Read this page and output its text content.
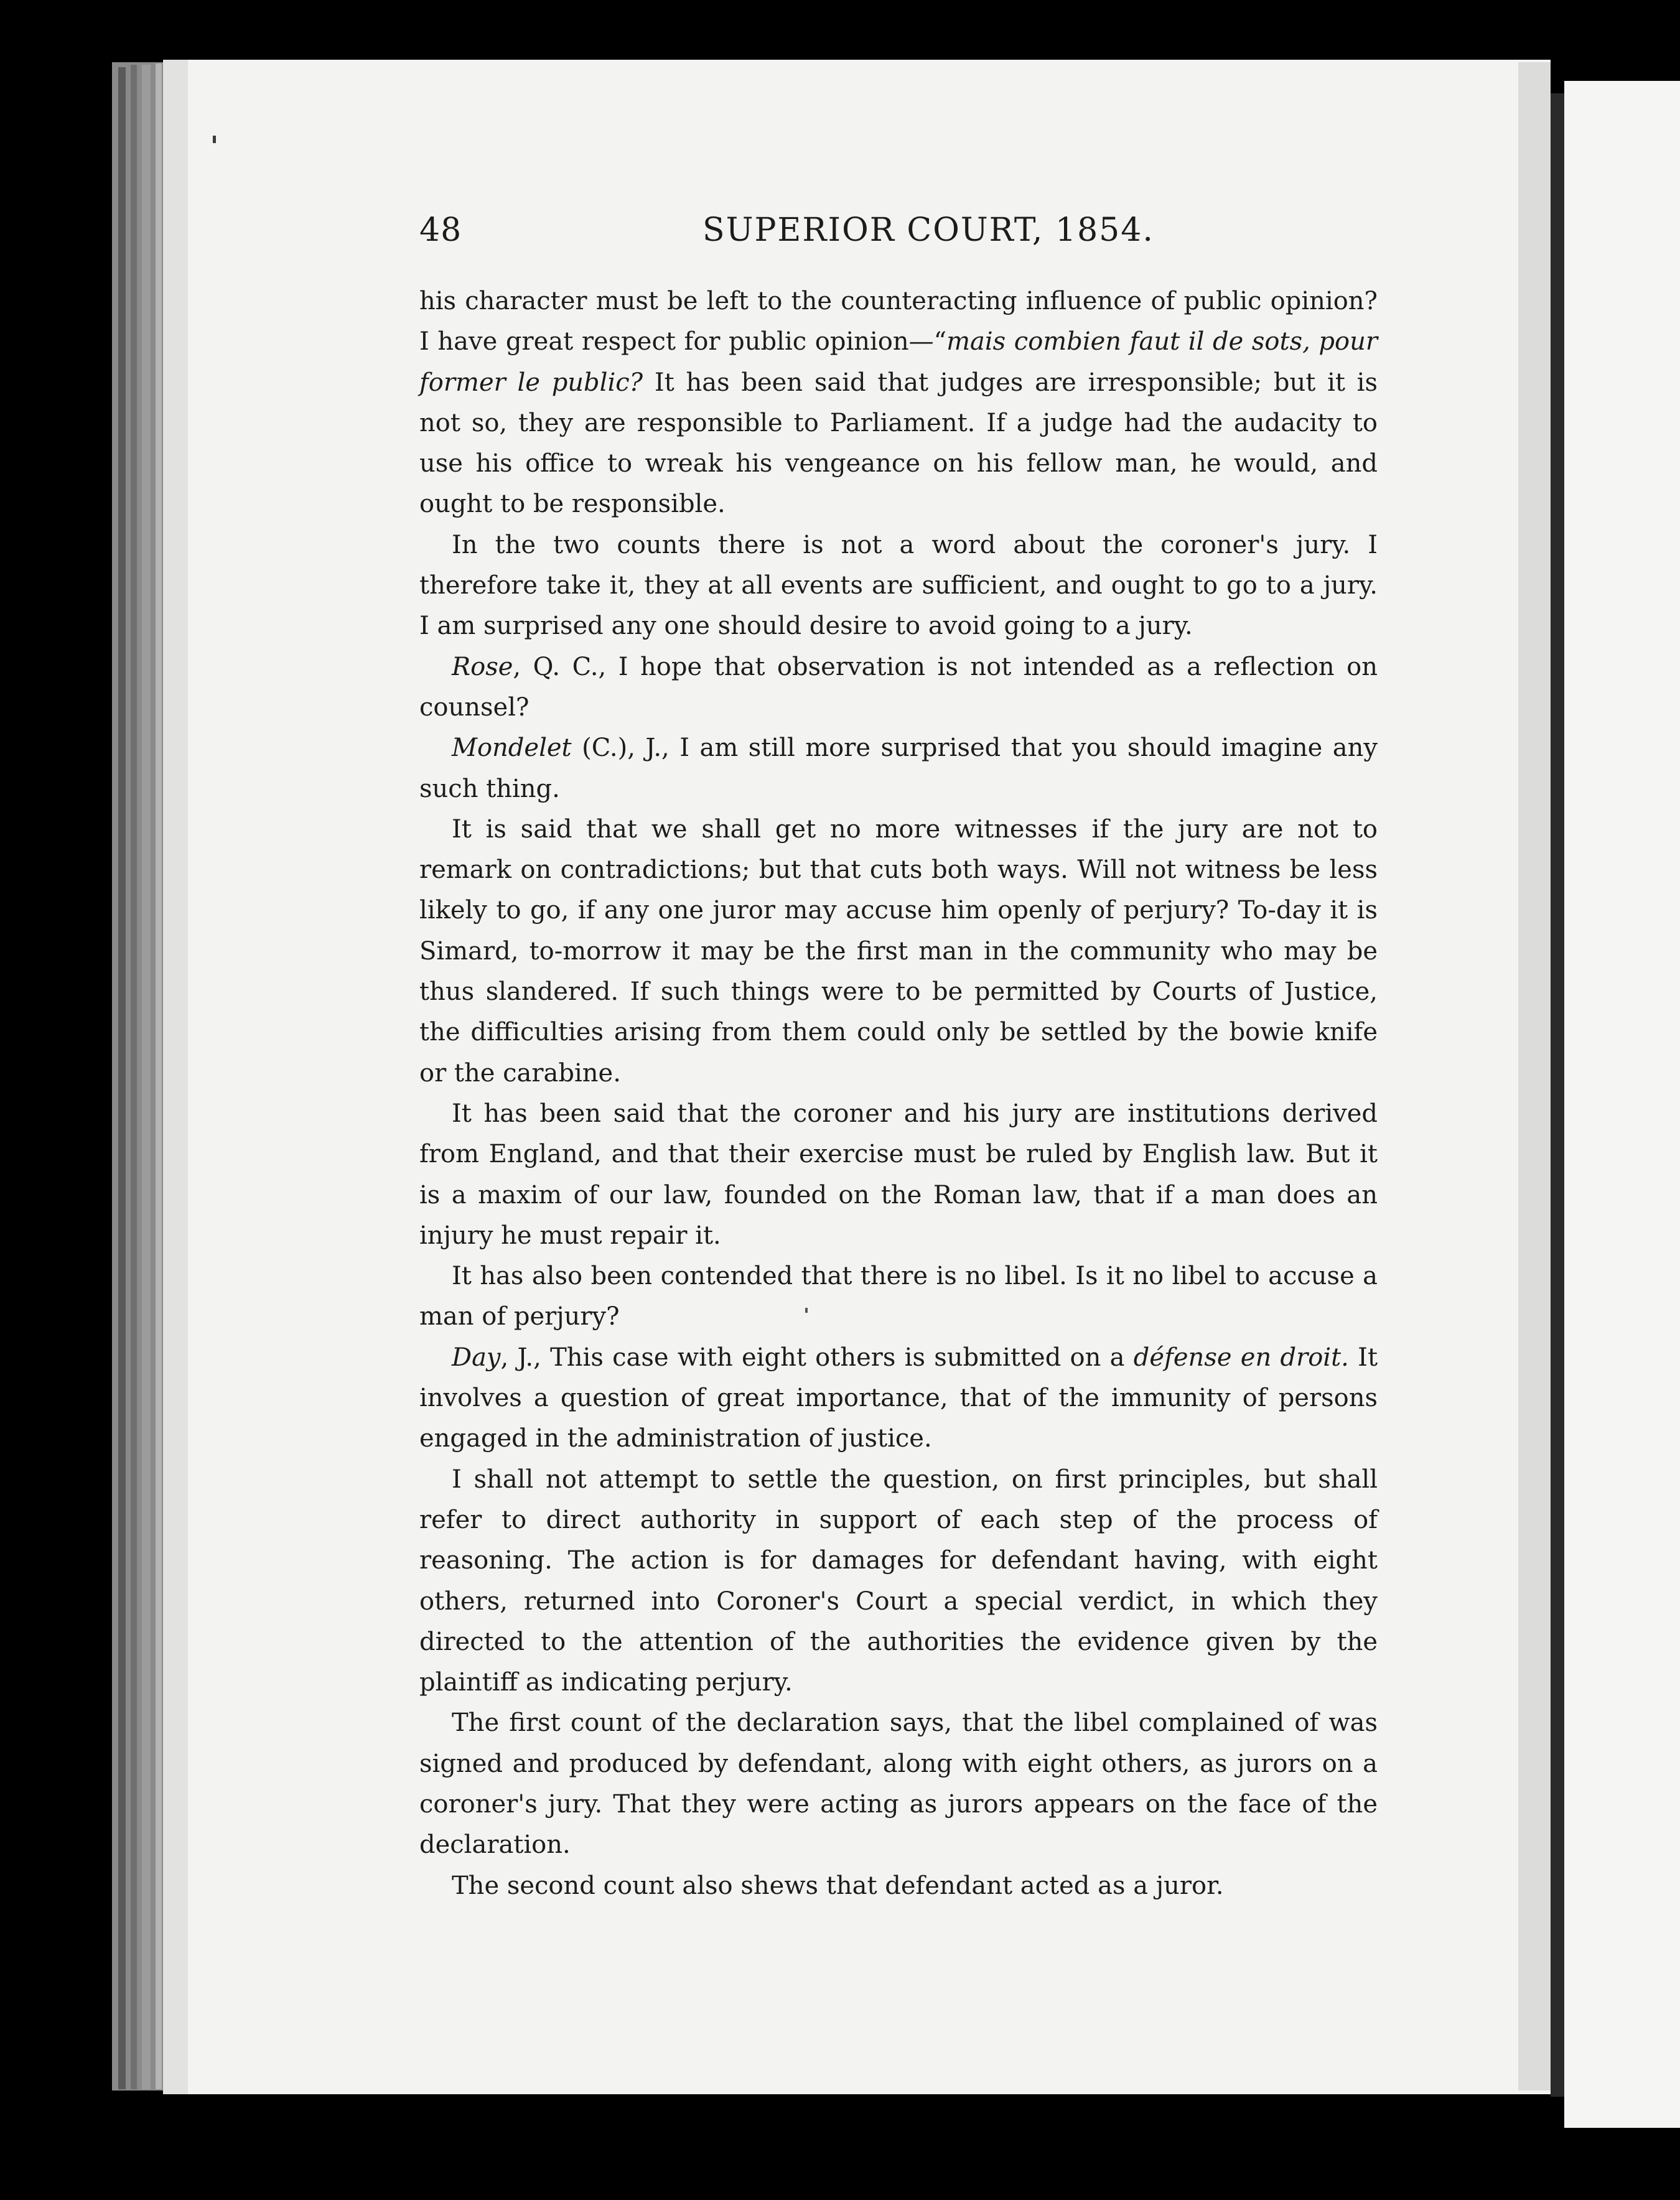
48	SUPERIOR COURT, 1854.

his character must be left to the counteracting influence of public opinion? I have great respect for public opinion—“mais combien faut il de sots, pour former le public? It has been said that judges are irresponsible; but it is not so, they are responsible to Parliament. If a judge had the audacity to use his office to wreak his vengeance on his fellow man, he would, and ought to be responsible.

In the two counts there is not a word about the coroner's jury. I therefore take it, they at all events are sufficient, and ought to go to a jury. I am surprised any one should desire to avoid going to a jury.

Rose, Q. C., I hope that observation is not intended as a reflection on counsel?

Mondelet (C.), J., I am still more surprised that you should imagine any such thing.

It is said that we shall get no more witnesses if the jury are not to remark on contradictions; but that cuts both ways. Will not witness be less likely to go, if any one juror may accuse him openly of perjury? To-day it is Simard, to-morrow it may be the first man in the community who may be thus slandered. If such things were to be permitted by Courts of Justice, the difficulties arising from them could only be settled by the bowie knife or the carabine.

It has been said that the coroner and his jury are institutions derived from England, and that their exercise must be ruled by English law. But it is a maxim of our law, founded on the Roman law, that if a man does an injury he must repair it.

It has also been contended that there is no libel. Is it no libel to accuse a man of perjury?

Day, J., This case with eight others is submitted on a défense en droit. It involves a question of great importance, that of the immunity of persons engaged in the administration of justice.

I shall not attempt to settle the question, on first principles, but shall refer to direct authority in support of each step of the process of reasoning. The action is for damages for defendant having, with eight others, returned into Coroner's Court a special verdict, in which they directed to the attention of the authorities the evidence given by the plaintiff as indicating perjury.

The first count of the declaration says, that the libel complained of was signed and produced by defendant, along with eight others, as jurors on a coroner's jury. That they were acting as jurors appears on the face of the declaration.

The second count also shews that defendant acted as a juror.
